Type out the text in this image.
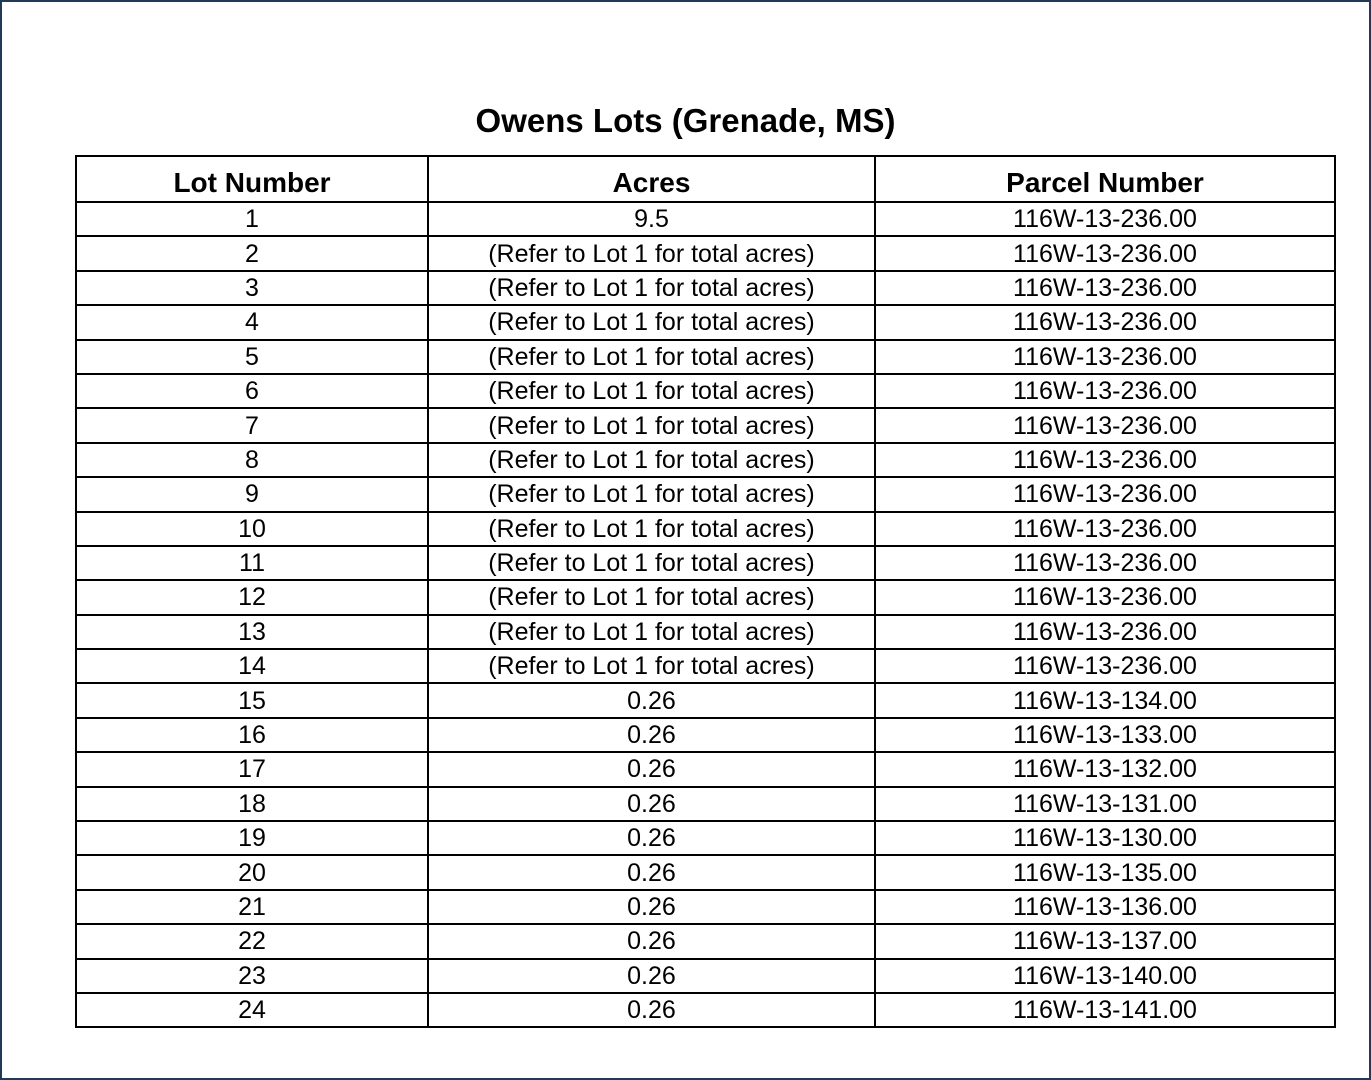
Owens Lots (Grenade, MS)
Lot Number	Acres	Parcel Number
1	9.5	116W-13-236.00
2	(Refer to Lot 1 for total acres)	116W-13-236.00
3	(Refer to Lot 1 for total acres)	116W-13-236.00
4	(Refer to Lot 1 for total acres)	116W-13-236.00
5	(Refer to Lot 1 for total acres)	116W-13-236.00
6	(Refer to Lot 1 for total acres)	116W-13-236.00
7	(Refer to Lot 1 for total acres)	116W-13-236.00
8	(Refer to Lot 1 for total acres)	116W-13-236.00
9	(Refer to Lot 1 for total acres)	116W-13-236.00
10	(Refer to Lot 1 for total acres)	116W-13-236.00
11	(Refer to Lot 1 for total acres)	116W-13-236.00
12	(Refer to Lot 1 for total acres)	116W-13-236.00
13	(Refer to Lot 1 for total acres)	116W-13-236.00
14	(Refer to Lot 1 for total acres)	116W-13-236.00
15	0.26	116W-13-134.00
16	0.26	116W-13-133.00
17	0.26	116W-13-132.00
18	0.26	116W-13-131.00
19	0.26	116W-13-130.00
20	0.26	116W-13-135.00
21	0.26	116W-13-136.00
22	0.26	116W-13-137.00
23	0.26	116W-13-140.00
24	0.26	116W-13-141.00
